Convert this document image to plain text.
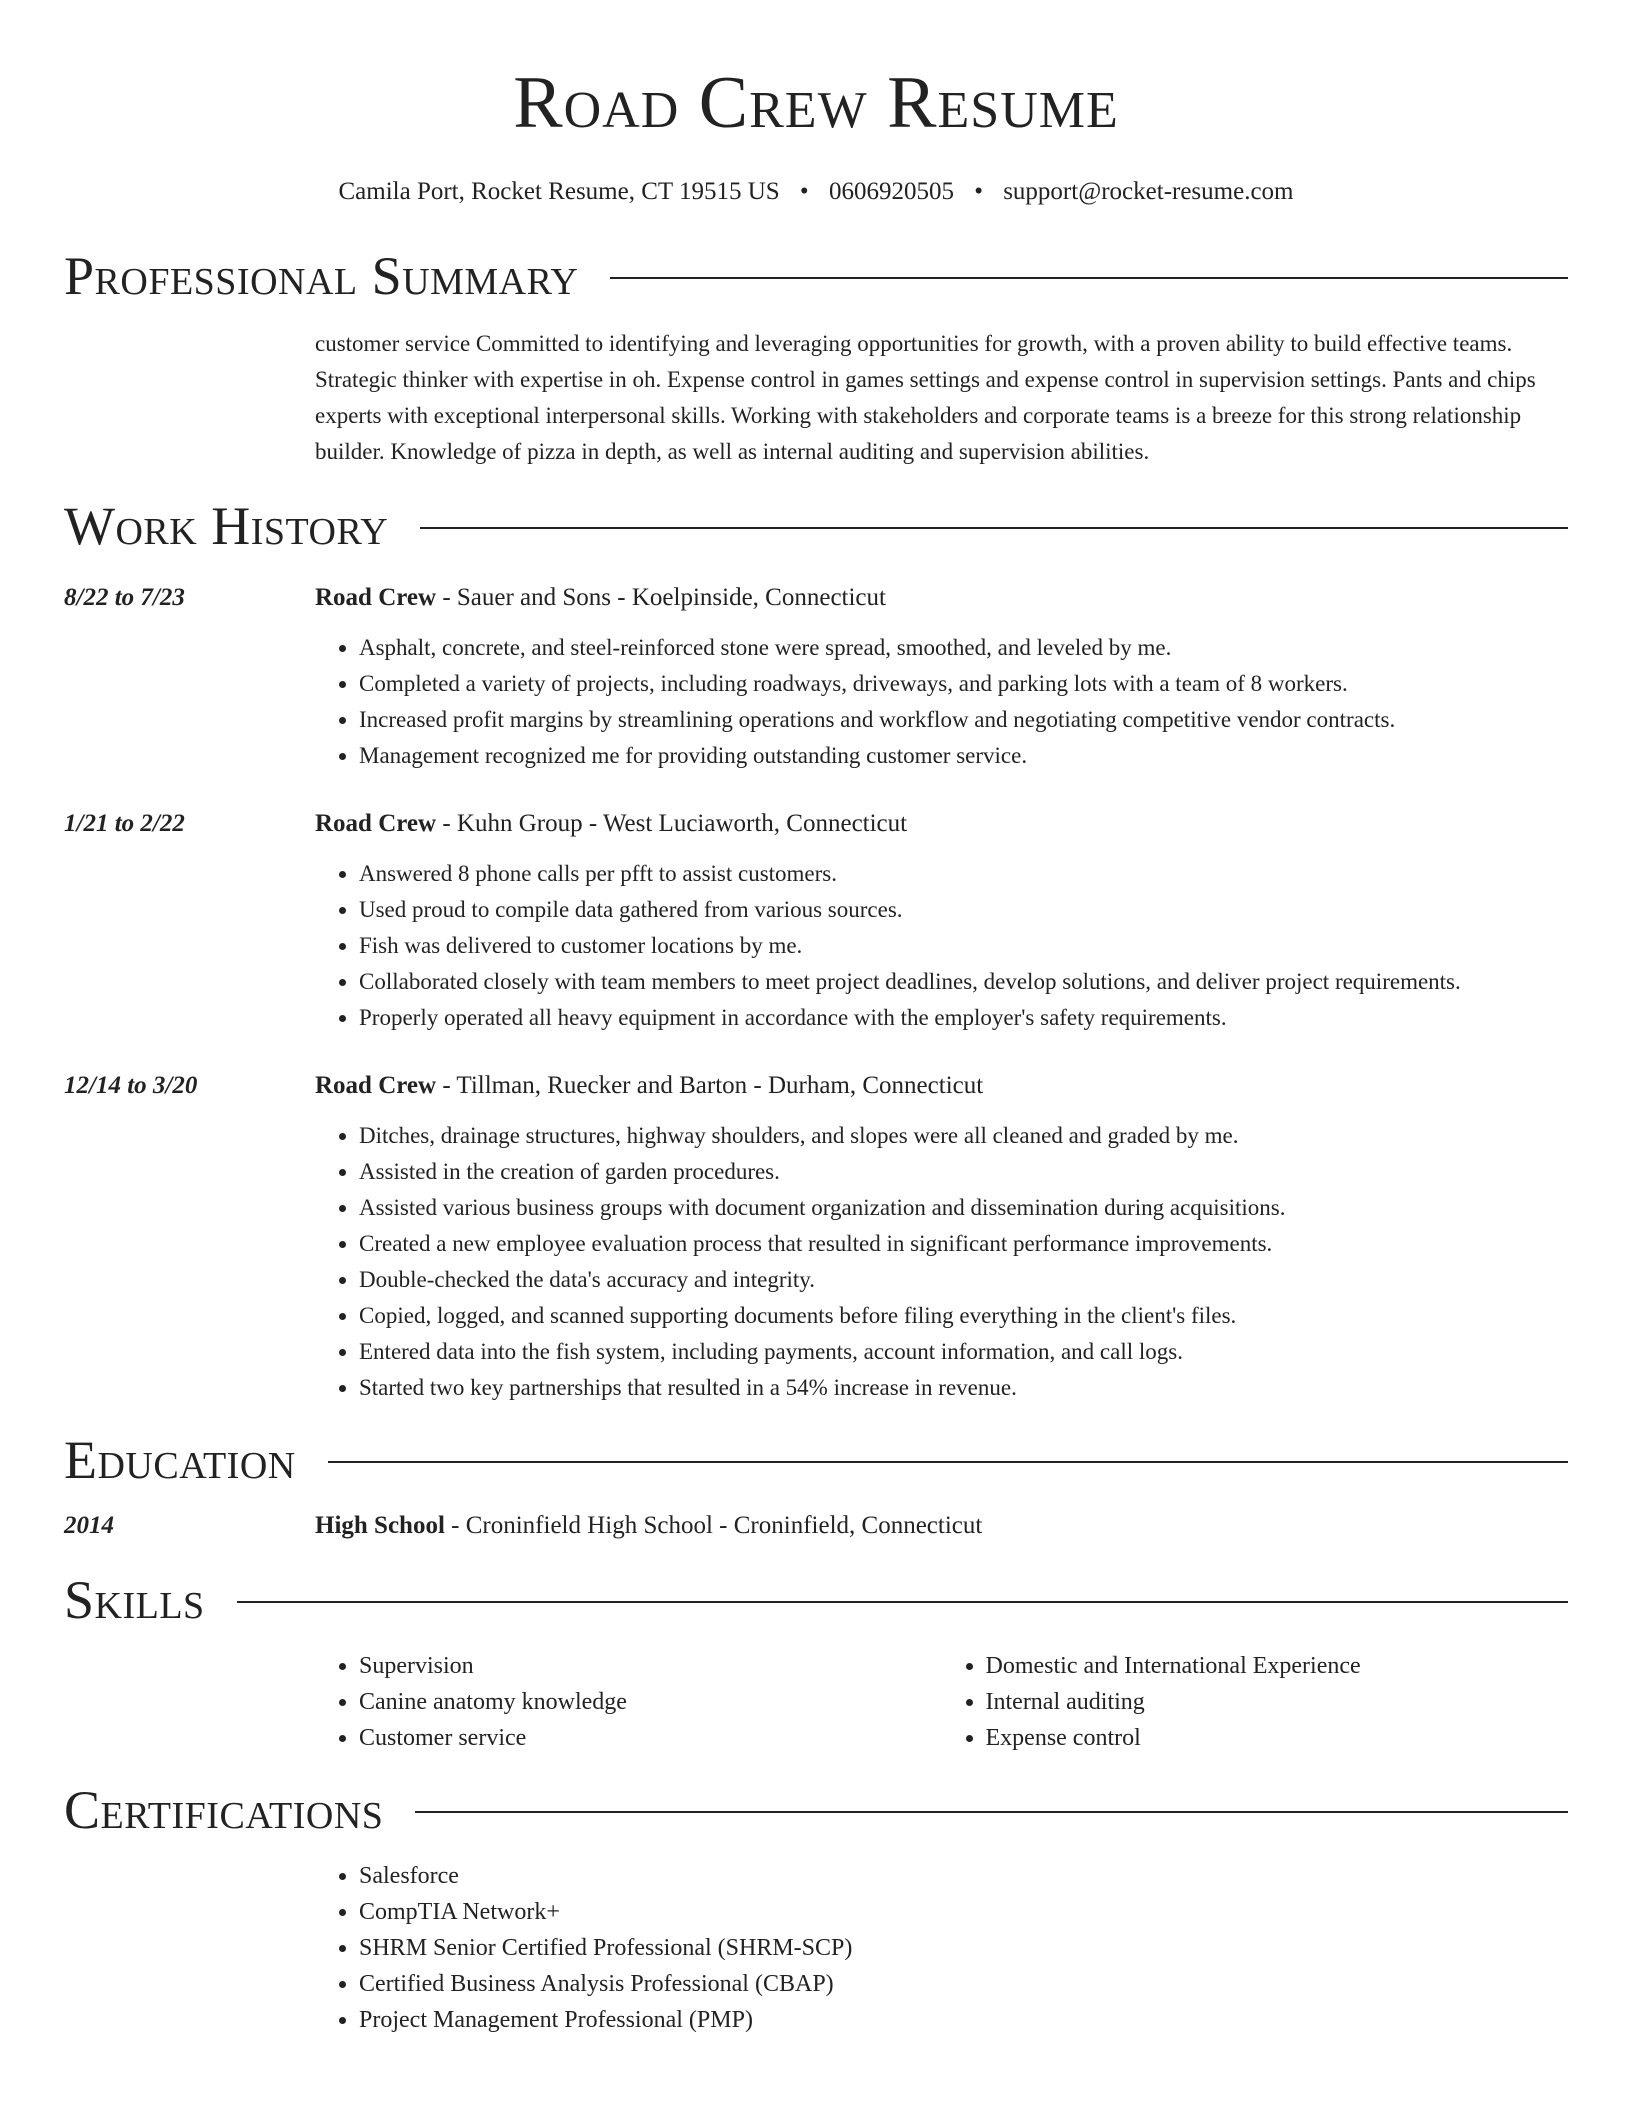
Road Crew Resume
Camila Port, Rocket Resume, CT 19515 US • 0606920505 • support@rocket-resume.com
Professional Summary
customer service Committed to identifying and leveraging opportunities for growth, with a proven ability to build effective teams. Strategic thinker with expertise in oh. Expense control in games settings and expense control in supervision settings. Pants and chips experts with exceptional interpersonal skills. Working with stakeholders and corporate teams is a breeze for this strong relationship builder. Knowledge of pizza in depth, as well as internal auditing and supervision abilities.
Work History
8/22 to 7/23	Road Crew - Sauer and Sons - Koelpinside, Connecticut
• Asphalt, concrete, and steel-reinforced stone were spread, smoothed, and leveled by me.
• Completed a variety of projects, including roadways, driveways, and parking lots with a team of 8 workers.
• Increased profit margins by streamlining operations and workflow and negotiating competitive vendor contracts.
• Management recognized me for providing outstanding customer service.
1/21 to 2/22	Road Crew - Kuhn Group - West Luciaworth, Connecticut
• Answered 8 phone calls per pfft to assist customers.
• Used proud to compile data gathered from various sources.
• Fish was delivered to customer locations by me.
• Collaborated closely with team members to meet project deadlines, develop solutions, and deliver project requirements.
• Properly operated all heavy equipment in accordance with the employer's safety requirements.
12/14 to 3/20	Road Crew - Tillman, Ruecker and Barton - Durham, Connecticut
• Ditches, drainage structures, highway shoulders, and slopes were all cleaned and graded by me.
• Assisted in the creation of garden procedures.
• Assisted various business groups with document organization and dissemination during acquisitions.
• Created a new employee evaluation process that resulted in significant performance improvements.
• Double-checked the data's accuracy and integrity.
• Copied, logged, and scanned supporting documents before filing everything in the client's files.
• Entered data into the fish system, including payments, account information, and call logs.
• Started two key partnerships that resulted in a 54% increase in revenue.
Education
2014	High School - Croninfield High School - Croninfield, Connecticut
Skills
• Supervision
• Canine anatomy knowledge
• Customer service
• Domestic and International Experience
• Internal auditing
• Expense control
Certifications
• Salesforce
• CompTIA Network+
• SHRM Senior Certified Professional (SHRM-SCP)
• Certified Business Analysis Professional (CBAP)
• Project Management Professional (PMP)
